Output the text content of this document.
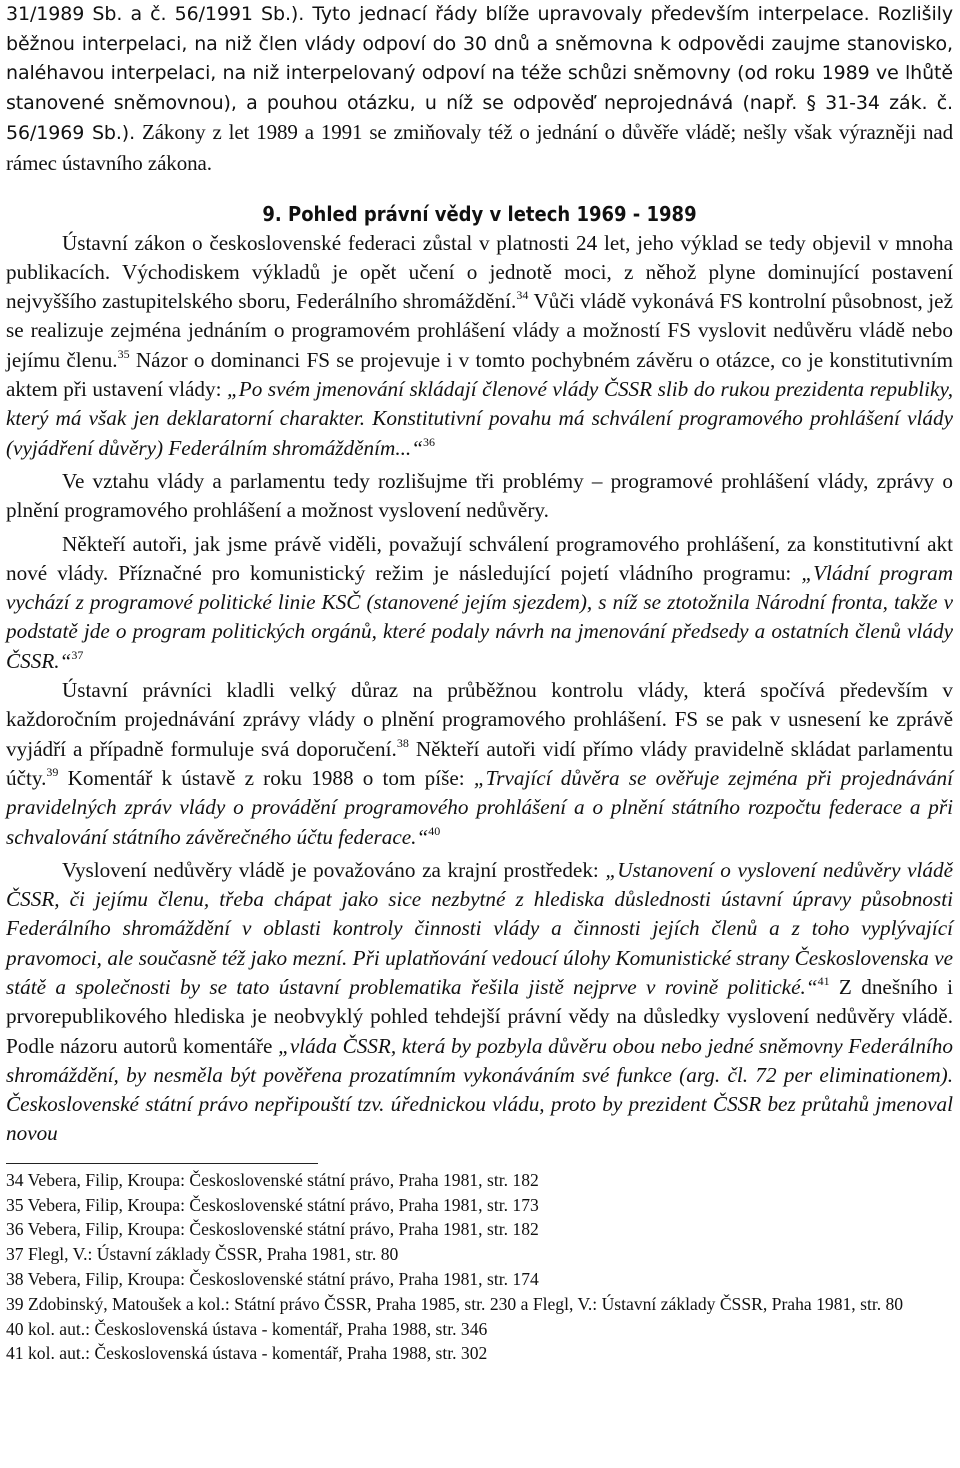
31/1989 Sb. a č. 56/1991 Sb.). Tyto jednací řády blíže upravovaly především interpelace. Rozlišily běžnou interpelaci, na niž člen vlády odpoví do 30 dnů a sněmovna k odpovědi zaujme stanovisko, naléhavou interpelaci, na niž interpelovaný odpoví na téže schůzi sněmovny (od roku 1989 ve lhůtě stanovené sněmovnou), a pouhou otázku, u níž se odpověď neprojednává (např. § 31-34 zák. č. 56/1969 Sb.). Zákony z let 1989 a 1991 se zmiňovaly též o jednání o důvěře vládě; nešly však výrazněji nad rámec ústavního zákona.

9. Pohled právní vědy v letech 1969 - 1989

Ústavní zákon o československé federaci zůstal v platnosti 24 let, jeho výklad se tedy objevil v mnoha publikacích. Východiskem výkladů je opět učení o jednotě moci, z něhož plyne dominující postavení nejvyššího zastupitelského sboru, Federálního shromáždění.$^{34}$ Vůči vládě vykonává FS kontrolní působnost, jež se realizuje zejména jednáním o programovém prohlášení vlády a možností FS vyslovit nedůvěru vládě nebo jejímu členu.$^{35}$ Názor o dominanci FS se projevuje i v tomto pochybném závěru o otázce, co je konstitutivním aktem při ustavení vlády: „Po svém jmenování skládají členové vlády ČSSR slib do rukou prezidenta republiky, který má však jen deklaratorní charakter. Konstitutivní povahu má schválení programového prohlášení vlády (vyjádření důvěry) Federálním shromážděním...“$^{36}$

Ve vztahu vlády a parlamentu tedy rozlišujme tři problémy – programové prohlášení vlády, zprávy o plnění programového prohlášení a možnost vyslovení nedůvěry.

Někteří autoři, jak jsme právě viděli, považují schválení programového prohlášení, za konstitutivní akt nové vlády. Příznačné pro komunistický režim je následující pojetí vládního programu: „Vládní program vychází z programové politické linie KSČ (stanovené jejím sjezdem), s níž se ztotožnila Národní fronta, takže v podstatě jde o program politických orgánů, které podaly návrh na jmenování předsedy a ostatních členů vlády ČSSR.“$^{37}$

Ústavní právníci kladli velký důraz na průběžnou kontrolu vlády, která spočívá především v každoročním projednávání zprávy vlády o plnění programového prohlášení. FS se pak v usnesení ke zprávě vyjádří a případně formuluje svá doporučení.$^{38}$ Někteří autoři vidí přímo vlády pravidelně skládat parlamentu účty.$^{39}$ Komentář k ústavě z roku 1988 o tom píše: „Trvající důvěra se ověřuje zejména při projednávání pravidelných zpráv vlády o provádění programového prohlášení a o plnění státního rozpočtu federace a při schvalování státního závěrečného účtu federace.“$^{40}$

Vyslovení nedůvěry vládě je považováno za krajní prostředek: „Ustanovení o vyslovení nedůvěry vládě ČSSR, či jejímu členu, třeba chápat jako sice nezbytné z hlediska důslednosti ústavní úpravy působnosti Federálního shromáždění v oblasti kontroly činnosti vlády a činnosti jejích členů a z toho vyplývající pravomoci, ale současně též jako mezní. Při uplatňování vedoucí úlohy Komunistické strany Československa ve státě a společnosti by se tato ústavní problematika řešila jistě nejprve v rovině politické.“$^{41}$ Z dnešního i prvorepublikového hlediska je neobvyklý pohled tehdejší právní vědy na důsledky vyslovení nedůvěry vládě. Podle názoru autorů komentáře „vláda ČSSR, která by pozbyla důvěru obou nebo jedné sněmovny Federálního shromáždění, by nesměla být pověřena prozatímním vykonáváním své funkce (arg. čl. 72 per eliminationem). Československé státní právo nepřipouští tzv. úřednickou vládu, proto by prezident ČSSR bez průtahů jmenoval novou

34 Vebera, Filip, Kroupa: Československé státní právo, Praha 1981, str. 182

35 Vebera, Filip, Kroupa: Československé státní právo, Praha 1981, str. 173

36 Vebera, Filip, Kroupa: Československé státní právo, Praha 1981, str. 182

37 Flegl, V.: Ústavní základy ČSSR, Praha 1981, str. 80

38 Vebera, Filip, Kroupa: Československé státní právo, Praha 1981, str. 174

39 Zdobinský, Matoušek a kol.: Státní právo ČSSR, Praha 1985, str. 230 a Flegl, V.: Ústavní základy ČSSR, Praha 1981, str. 80

40 kol. aut.: Československá ústava - komentář, Praha 1988, str. 346

41 kol. aut.: Československá ústava - komentář, Praha 1988, str. 302
